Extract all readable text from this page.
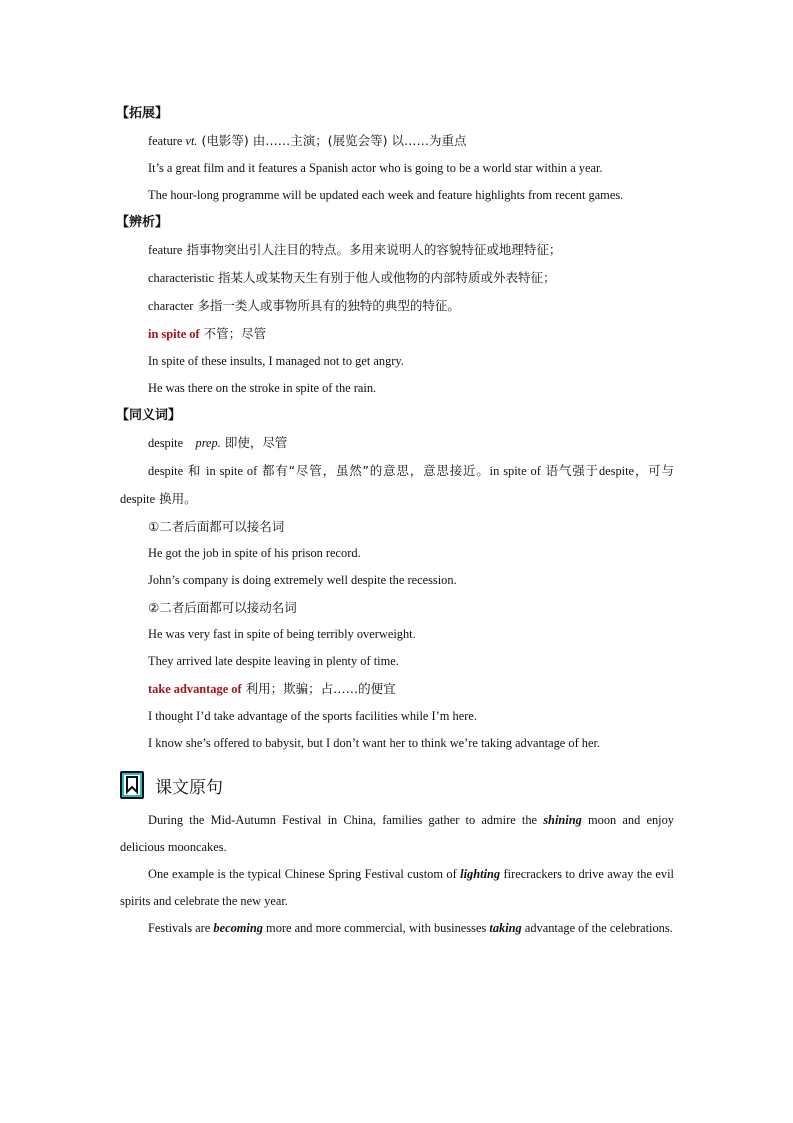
【拓展】
feature vt. (电影等) 由……主演；(展览会等) 以……为重点
It’s a great film and it features a Spanish actor who is going to be a world star within a year.
The hour-long programme will be updated each week and feature highlights from recent games.
【辨析】
feature 指事物突出引人注目的特点。多用来说明人的容貌特征或地理特征；
characteristic 指某人或某物天生有别于他人或他物的内部特质或外表特征；
character 多指一类人或事物所具有的独特的典型的特征。
in spite of 不管；尽管
In spite of these insults, I managed not to get angry.
He was there on the stroke in spite of the rain.
【同义词】
despite prep. 即使，尽管
despite 和 in spite of 都有“尽管，虽然”的意思，意思接近。in spite of 语气强于despite，可与 despite 换用。
①二者后面都可以接名词
He got the job in spite of his prison record.
John’s company is doing extremely well despite the recession.
②二者后面都可以接动名词
He was very fast in spite of being terribly overweight.
They arrived late despite leaving in plenty of time.
take advantage of 利用；欺骗；占……的便宜
I thought I’d take advantage of the sports facilities while I’m here.
I know she’s offered to babysit, but I don’t want her to think we’re taking advantage of her.
课文原句
During the Mid-Autumn Festival in China, families gather to admire the shining moon and enjoy delicious mooncakes.
One example is the typical Chinese Spring Festival custom of lighting firecrackers to drive away the evil spirits and celebrate the new year.
Festivals are becoming more and more commercial, with businesses taking advantage of the celebrations.
